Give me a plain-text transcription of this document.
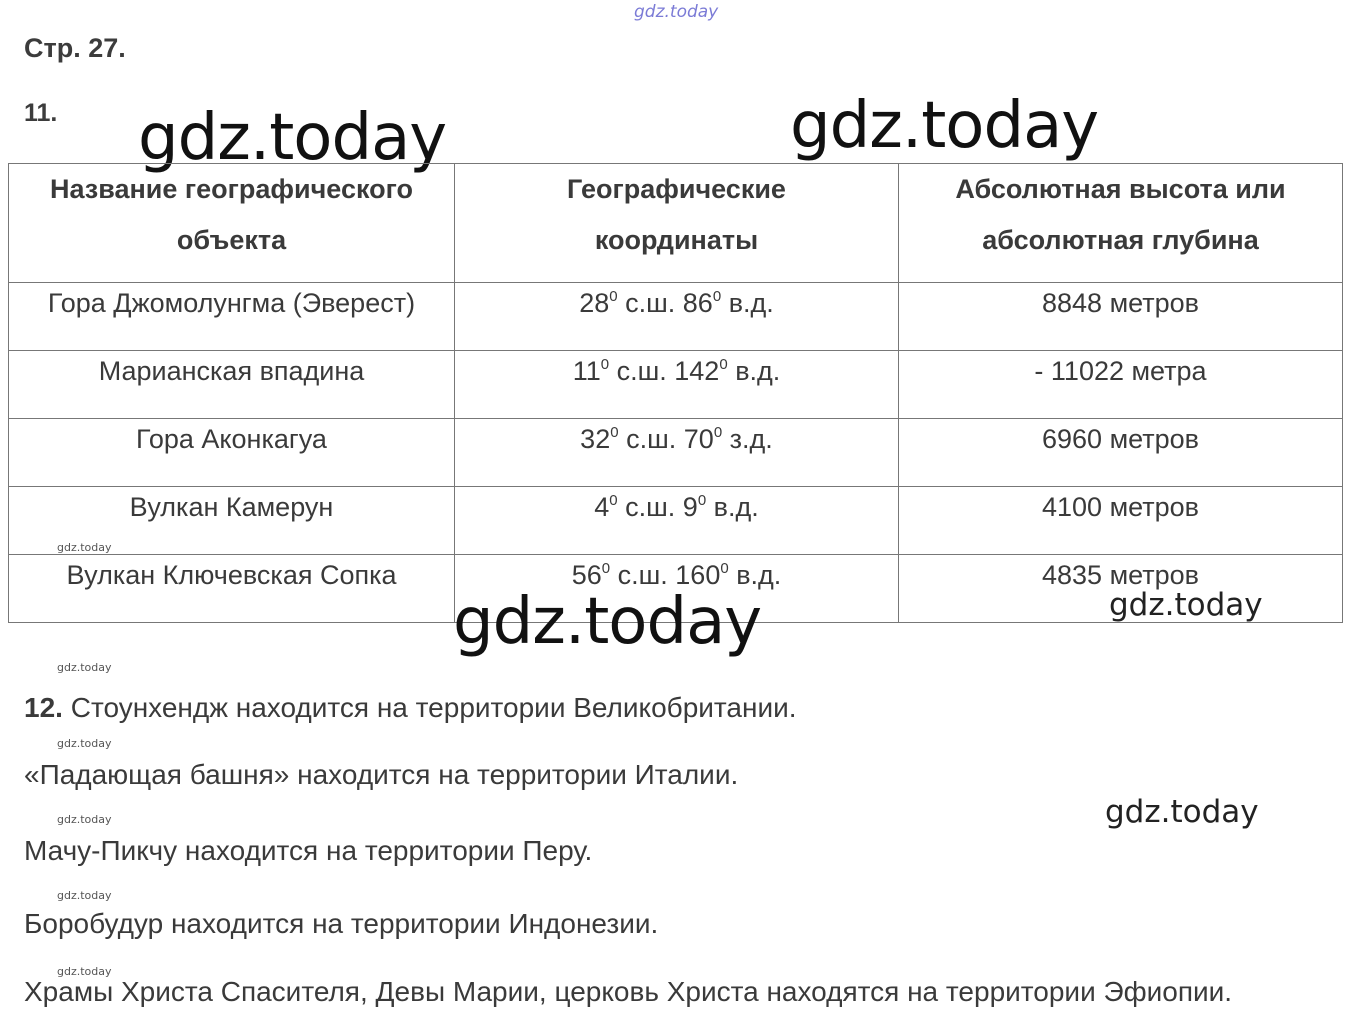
gdz.today
gdz.today	gdz.today
Стр. 27.
11.
Название географического объекта	Географические координаты	Абсолютная высота или абсолютная глубина

Гора Джомолунгма (Эверест)	$28^0$ с.ш. $86^0$ в.д.	8848 метров

Марианская впадина	$11^0$ с.ш. $142^0$ в.д.	- 11022 метра

Гора Аконкагуа	$32^0$ с.ш. $70^0$ з.д.	6960 метров

Вулкан Камерун	$4^0$ с.ш. $9^0$ в.д.	4100 метров

Вулкан Ключевская Сопка	$56^0$ с.ш. $160^0$ в.д.	4835 метров
gdz.today	gdz.today
gdz.today
gdz.today
gdz.today
gdz.today
gdz.today
gdz.today
gdz.today

12. Стоунхендж находится на территории Великобритании.

«Падающая башня» находится на территории Италии.

Мачу-Пикчу находится на территории Перу.

Боробудур находится на территории Индонезии.

Храмы Христа Спасителя, Девы Марии, церковь Христа находятся на территории Эфиопии.
